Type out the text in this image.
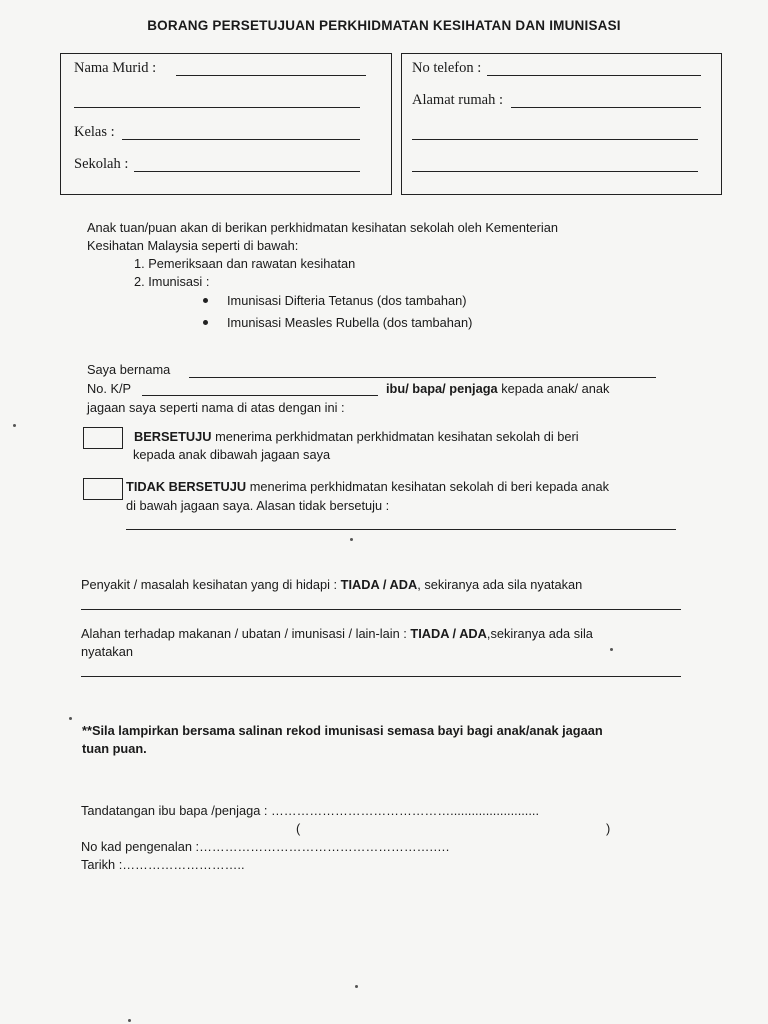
BORANG PERSETUJUAN PERKHIDMATAN KESIHATAN DAN IMUNISASI
Nama Murid :
Kelas :
Sekolah :
No telefon :
Alamat rumah :
Anak tuan/puan akan di berikan perkhidmatan kesihatan sekolah oleh Kementerian
Kesihatan Malaysia seperti di bawah:
1. Pemeriksaan dan rawatan kesihatan
2. Imunisasi :
Imunisasi Difteria Tetanus (dos tambahan)
Imunisasi Measles Rubella (dos tambahan)
Saya bernama
No. K/P	ibu/ bapa/ penjaga kepada anak/ anak
jagaan saya seperti nama di atas dengan ini :
BERSETUJU menerima perkhidmatan perkhidmatan kesihatan sekolah di beri
kepada anak dibawah jagaan saya
TIDAK BERSETUJU menerima perkhidmatan kesihatan sekolah di beri kepada anak
di bawah jagaan saya. Alasan tidak bersetuju :
Penyakit / masalah kesihatan yang di hidapi : TIADA / ADA, sekiranya ada sila nyatakan
Alahan terhadap makanan / ubatan / imunisasi / lain-lain : TIADA / ADA,sekiranya ada sila
nyatakan
**Sila lampirkan bersama salinan rekod imunisasi semasa bayi bagi anak/anak jagaan
tuan puan.
Tandatangan ibu bapa /penjaga : …………………………………….........................
(	)
No kad pengenalan :……………………………………………….….
Tarikh :………………………..
